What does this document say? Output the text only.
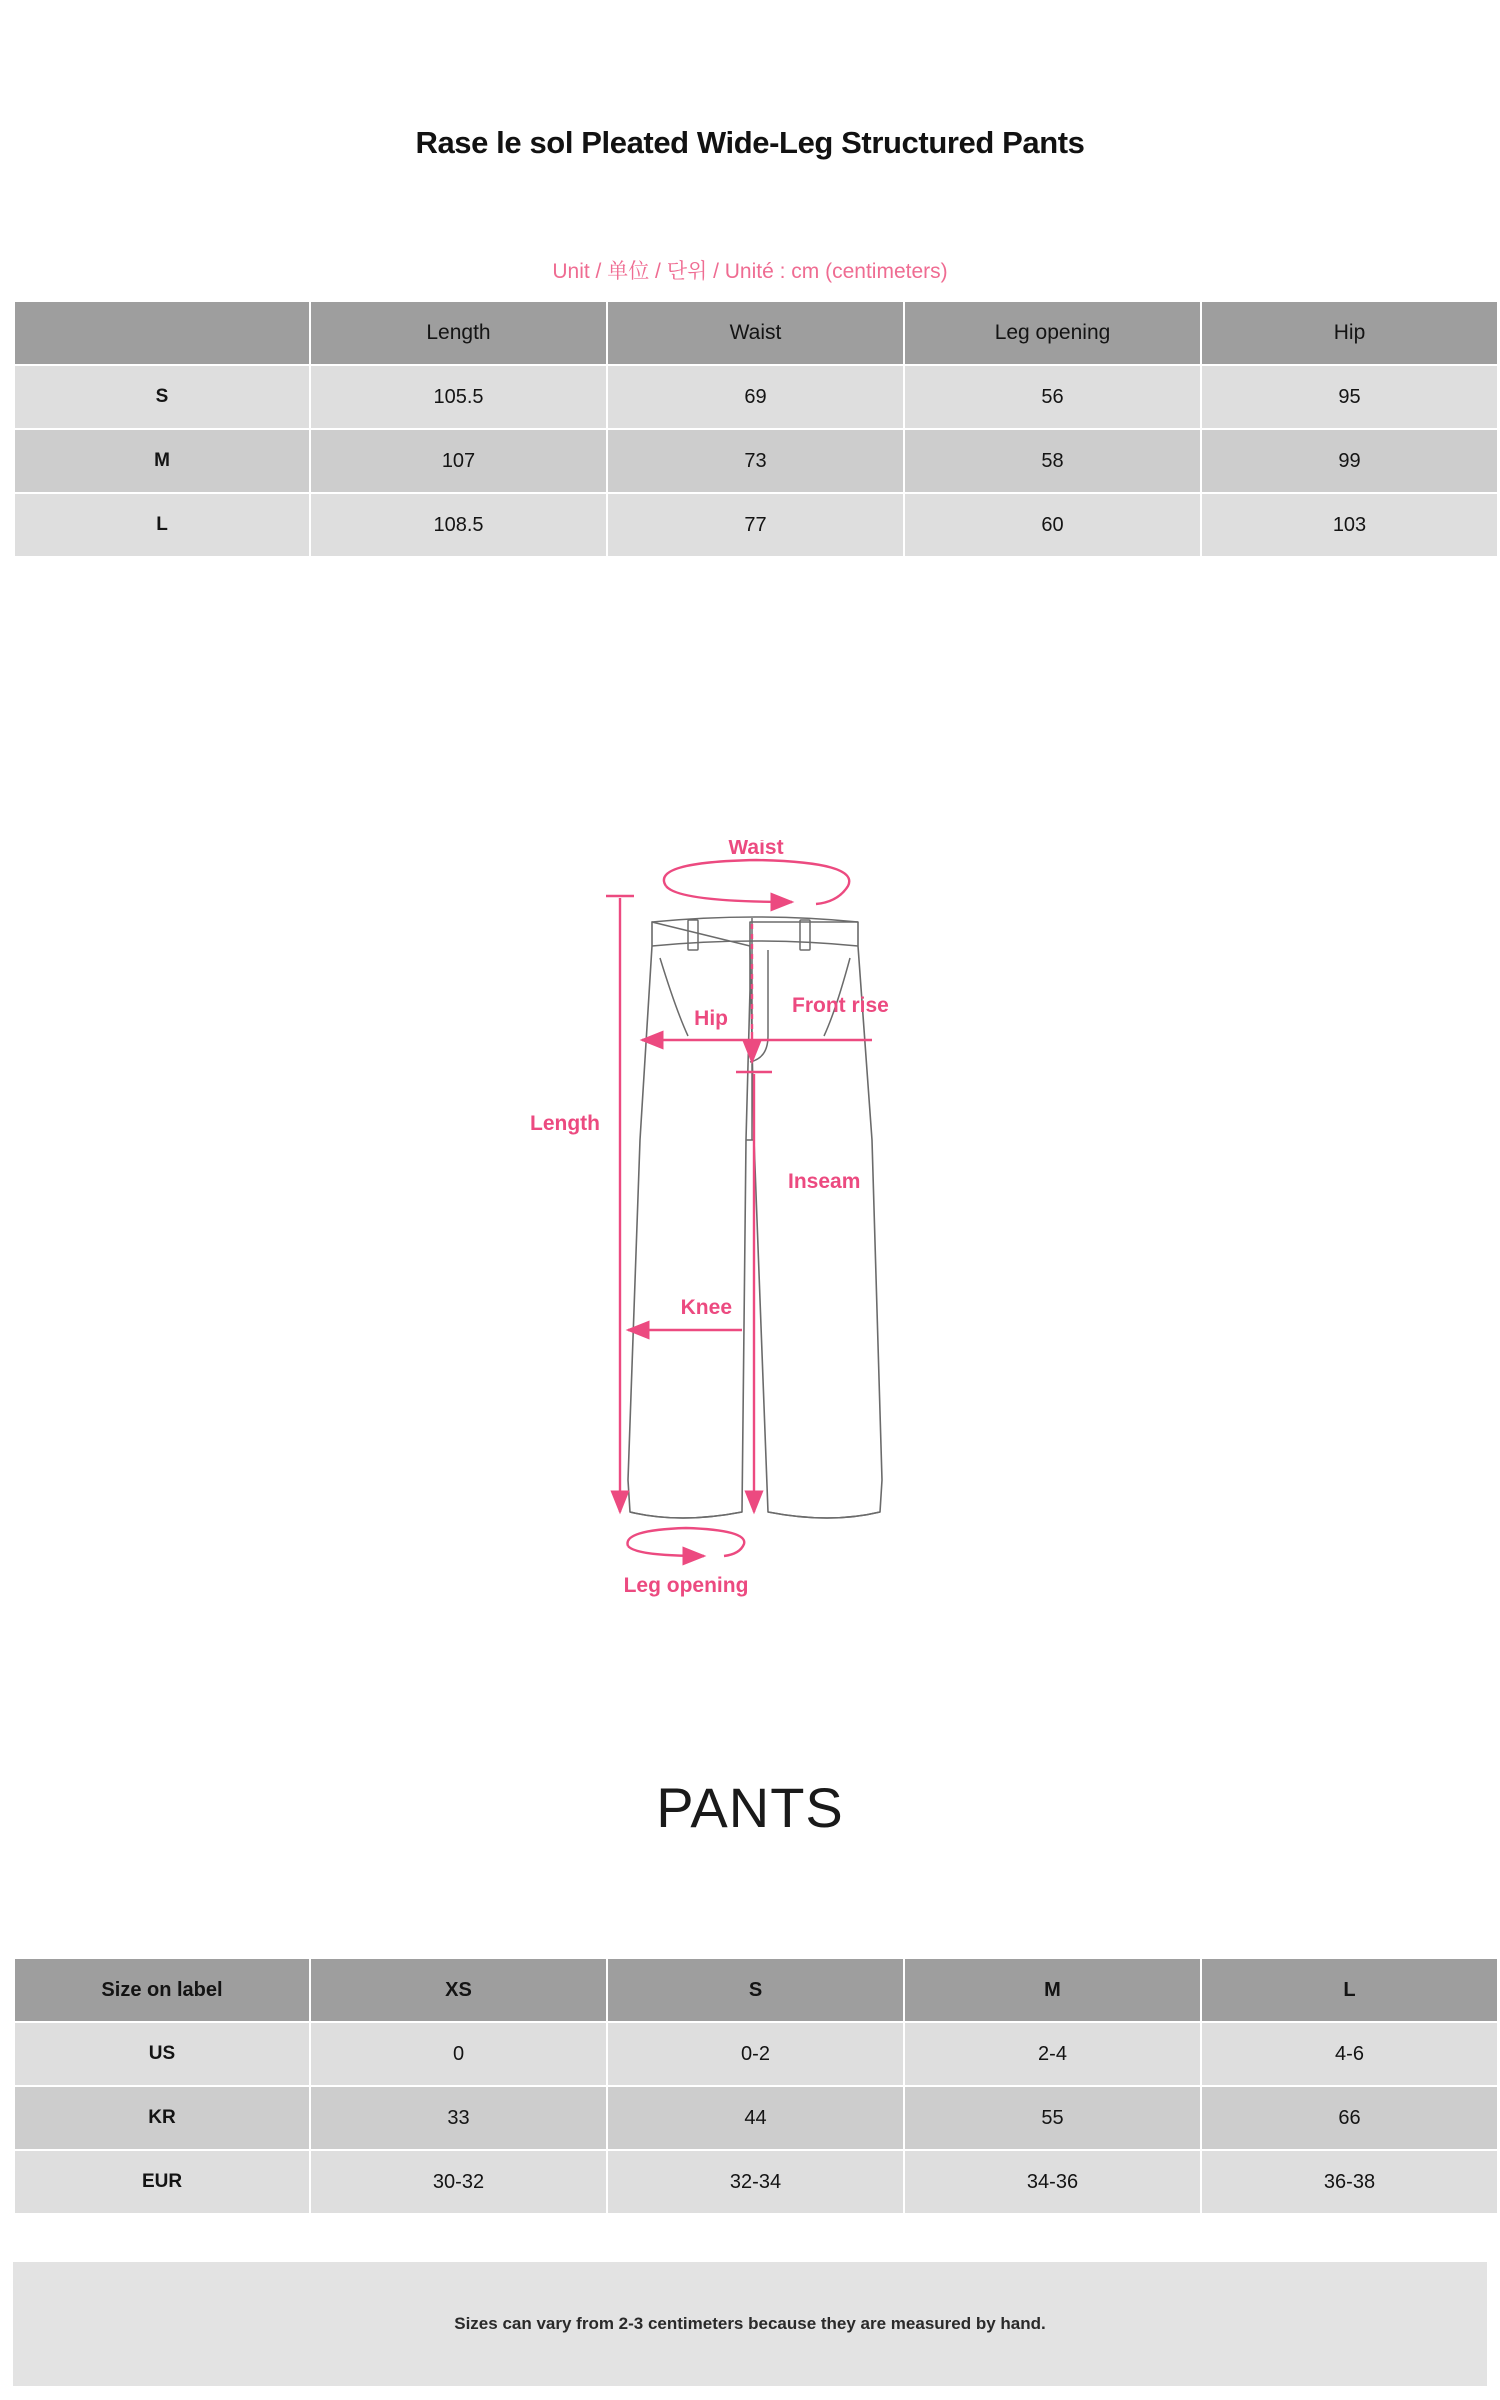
Rase le sol Pleated Wide-Leg Structured Pants
Unit / 单位 / 단위 / Unité : cm (centimeters)
	Length	Waist	Leg opening	Hip
S	105.5	69	56	95
M	107	73	58	99
L	108.5	77	60	103
Waist
Front rise
Hip
Length
Inseam
Knee
Leg opening
PANTS
Size on label	XS	S	M	L
US	0	0-2	2-4	4-6
KR	33	44	55	66
EUR	30-32	32-34	34-36	36-38
Sizes can vary from 2-3 centimeters because they are measured by hand.
